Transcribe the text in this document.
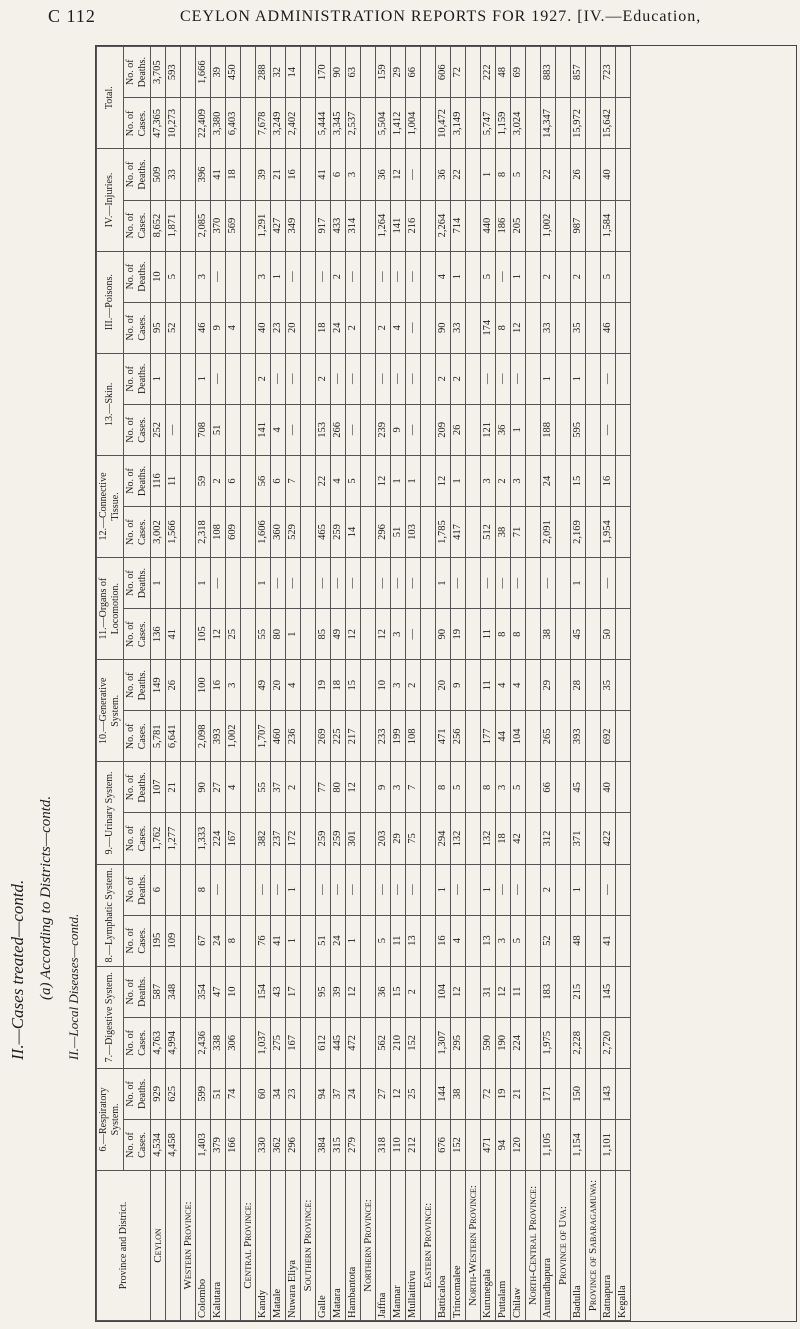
C 112	CEYLON ADMINISTRATION REPORTS FOR 1927. [IV.—Education,
II.—Cases treated—contd. (a) According to Districts—contd. II.—Local Diseases—contd.
Province and District.	6.—Respiratory System.		7.—Digestive System.		8.—Lymphatic System.		9.—Urinary System.		10.—Generative System.		11.—Organs of Locomotion.		12.—Connective Tissue.		13.—Skin.		III.—Poisons.		IV.—Injuries.		Total.	
	No. of Cases.	No. of Deaths.	No. of Cases.	No. of Deaths.	No. of Cases.	No. of Deaths.	No. of Cases.	No. of Deaths.	No. of Cases.	No. of Deaths.	No. of Cases.	No. of Deaths.	No. of Cases.	No. of Deaths.	No. of Cases.	No. of Deaths.	No. of Cases.	No. of Deaths.	No. of Cases.	No. of Deaths.	No. of Cases.	No. of Deaths.
Ceylon	4,534	929	4,763	587	195	6	1,762	107	5,781	149	136	1	3,002	116	252	1	95	10	8,652	509	47,365	3,705
	4,458	625	4,994	348	109		1,277	21	6,641	26	41		1,566	11	—		52	5	1,871	33	10,273	593
Western Province:																						
Colombo	1,403	599	2,436	354	67	8	1,333	90	2,098	100	105	1	2,318	59	708	1	46	3	2,085	396	22,409	1,666
Kalutara	379	51	338	47	24	—	224	27	393	16	12	—	108	2	51	—	9	—	370	41	3,380	39
	166	74	306	10	8		167	4	1,002	3	25		609	6			4		569	18	6,403	450
Central Province:																						
Kandy	330	60	1,037	154	76	—	382	55	1,707	49	55	1	1,606	56	141	2	40	3	1,291	39	7,678	288
Matale	362	34	275	43	41	—	237	37	460	20	80	—	360	6	4	—	23	1	427	21	3,249	32
Nuwara Eliya	296	23	167	17	1	1	172	2	236	4	1	—	529	7	—	—	20	—	349	16	2,402	14
Southern Province:																						
Galle	384	94	612	95	51	—	259	77	269	19	85	—	465	22	153	2	18	—	917	41	5,444	170
Matara	315	37	445	39	24	—	259	80	225	18	49	—	259	4	266	—	24	2	433	6	3,345	90
Hambantota	279	24	472	12	1	—	301	12	217	15	12	—	14	5	—	—	2	—	314	3	2,537	63
Northern Province:																						
Jaffna	318	27	562	36	5	—	203	9	233	10	12	—	296	12	239	—	2	—	1,264	36	5,504	159
Mannar	110	12	210	15	11	—	29	3	199	3	3	—	51	1	9	—	4	—	141	12	1,412	29
Mullaittivu	212	25	152	2	13	—	75	7	108	2	—	—	103	1	—	—	—	—	216	—	1,004	66
Eastern Province:																						
Batticaloa	676	144	1,307	104	16	1	294	8	471	20	90	1	1,785	12	209	2	90	4	2,264	36	10,472	606
Trincomalee	152	38	295	12	4	—	132	5	256	9	19	—	417	1	26	2	33	1	714	22	3,149	72
North-Western Province:																						
Kurunegala	471	72	590	31	13	1	132	8	177	11	11	—	512	3	121	—	174	5	440	1	5,747	222
Puttalam	94	19	190	12	3	—	18	3	44	4	8	—	38	2	36	—	8	—	186	8	1,159	48
Chilaw	120	21	224	11	5	—	42	5	104	4	8	—	71	3	1	—	12	1	205	5	3,024	69
North-Central Province:																						
Anuradhapura	1,105	171	1,975	183	52	2	312	66	265	29	38	—	2,091	24	188	1	33	2	1,002	22	14,347	883
Province of Uva:																						
Badulla	1,154	150	2,228	215	48	1	371	45	393	28	45	1	2,169	15	595	1	35	2	987	26	15,972	857
Province of Sabaragamuwa:																						
Ratnapura	1,101	143	2,720	145	41	—	422	40	692	35	50	—	1,954	16	—	—	46	5	1,584	40	15,642	723
Kegalla																						
